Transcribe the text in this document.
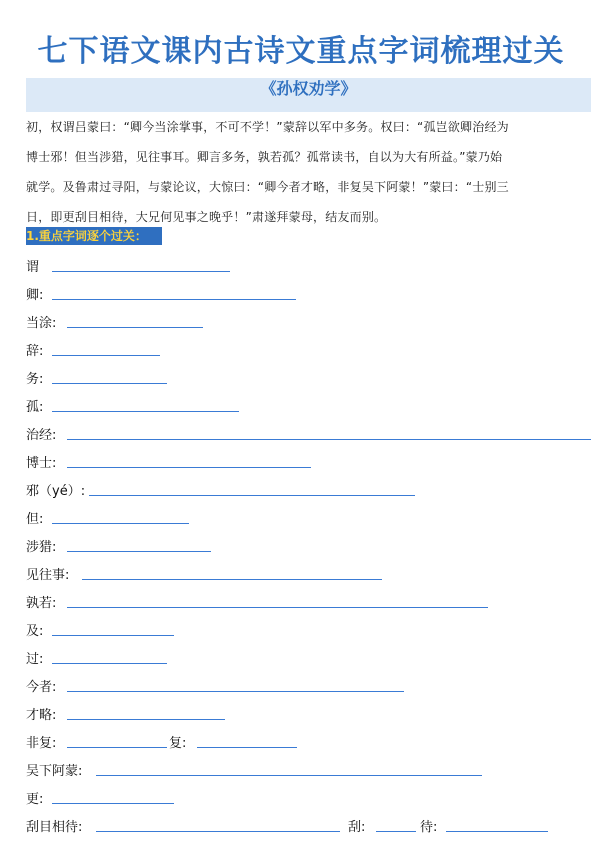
七下语文课内古诗文重点字词梳理过关
《孙权劝学》
初，权谓吕蒙曰：“卿今当涂掌事，不可不学！”蒙辞以军中多务。权曰：“孤岂欲卿治经为
博士邪！但当涉猎，见往事耳。卿言多务，孰若孤？孤常读书，自以为大有所益。”蒙乃始
就学。及鲁肃过寻阳，与蒙论议，大惊曰：“卿今者才略，非复吴下阿蒙！”蒙曰：“士别三
日，即更刮目相待，大兄何见事之晚乎！”肃遂拜蒙母，结友而别。
1.重点字词逐个过关：
谓
卿:
当涂:
辞:
务:
孤:
治经:
博士:
邪（yé）:
但:
涉猎:
见往事:
孰若:
及:
过:
今者:
才略:
非复:	复:
吴下阿蒙:
更:
刮目相待:	刮:	待:
